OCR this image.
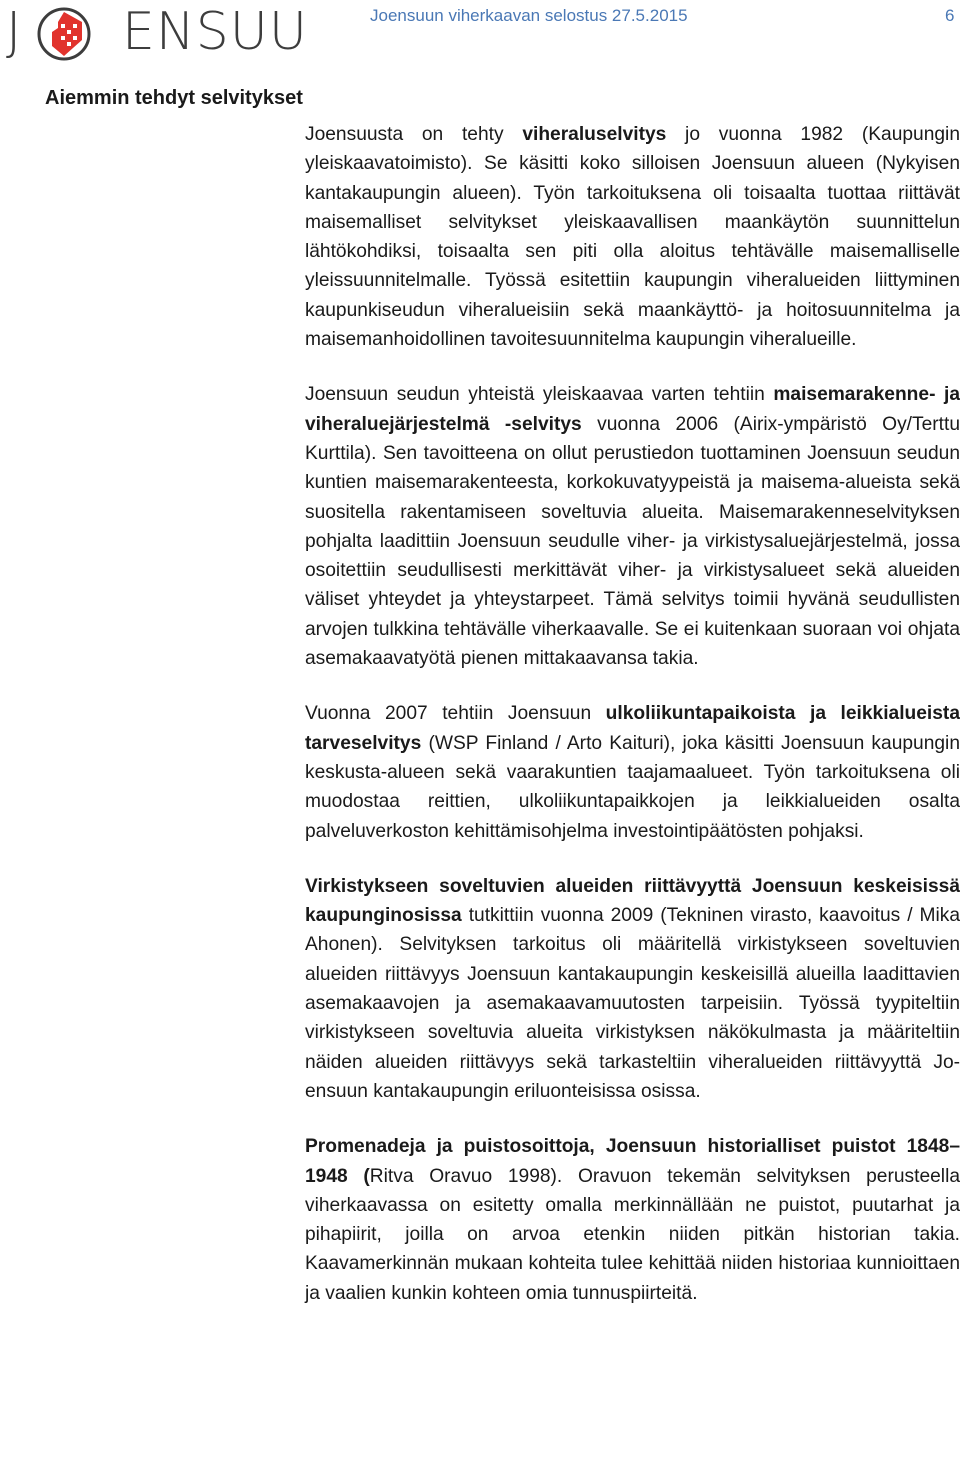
J ENSUU	Joensuun viherkaavan selostus 27.5.2015	6
Aiemmin tehdyt selvitykset

Joensuusta on tehty viheraluselvitys jo vuonna 1982 (Kaupungin yleiskaavatoimisto). Se käsitti koko silloisen Joensuun alueen (Nykyisen kantakaupungin alueen). Työn tarkoituksena oli toisaalta tuottaa riittävät maisemalliset selvitykset yleiskaavallisen maankäytön suunnittelun lähtökohdiksi, toisaalta sen piti olla aloitus tehtävälle maisemalliselle yleissuunnitelmalle. Työssä esitettiin kaupungin viheralueiden liittyminen kaupunkiseudun viheralueisiin sekä maankäyttö- ja hoitosuunnitelma ja maisemanhoidollinen tavoitesuunnitelma kaupungin viheralueille.

Joensuun seudun yhteistä yleiskaavaa varten tehtiin maisemarakenne- ja viheraluejärjestelmä -selvitys vuonna 2006 (Airix-ympäristö Oy/Terttu Kurttila). Sen tavoitteena on ollut perustiedon tuottaminen Joensuun seudun kuntien maisemarakenteesta, korkokuvatyypeistä ja maisema-alueista sekä suositella rakentamiseen soveltuvia alueita. Maisemarakenneselvityksen pohjalta laadittiin Joensuun seudulle viher- ja virkistysaluejärjestelmä, jossa osoitettiin seudullisesti merkittävät viher- ja virkistysalueet sekä alueiden väliset yhteydet ja yhteystarpeet. Tämä selvitys toimii hyvänä seudullisten arvojen tulkkina tehtävälle viherkaavalle. Se ei kuitenkaan suoraan voi ohjata asemakaavatyötä pienen mittakaavansa takia.

Vuonna 2007 tehtiin Joensuun ulkoliikuntapaikoista ja leikkialueista tarveselvitys (WSP Finland / Arto Kaituri), joka käsitti Joensuun kaupungin keskusta-alueen sekä vaarakuntien taajamaalueet. Työn tarkoituksena oli muodostaa reittien, ulkoliikuntapaikkojen ja leikkialueiden osalta palveluverkoston kehittämisohjelma investointipäätösten pohjaksi.

Virkistykseen soveltuvien alueiden riittävyyttä Joensuun keskeisissä kaupunginosissa tutkittiin vuonna 2009 (Tekninen virasto, kaavoitus / Mika Ahonen). Selvityksen tarkoitus oli määritellä virkistykseen soveltuvien alueiden riittävyys Joensuun kantakaupungin keskeisillä alueilla laadittavien asemakaavojen ja asemakaavamuutosten tarpeisiin. Työssä tyypiteltiin virkistykseen soveltuvia alueita virkistyksen näkökulmasta ja määriteltiin näiden alueiden riittävyys sekä tarkasteltiin viheralueiden riittävyyttä Joensuun kantakaupungin eriluonteisissa osissa.

Promenadeja ja puistosoittoja, Joensuun historialliset puistot 1848–1948 (Ritva Oravuo 1998). Oravuon tekemän selvityksen perusteella viherkaavassa on esitetty omalla merkinnällään ne puistot, puutarhat ja pihapiirit, joilla on arvoa etenkin niiden pitkän historian takia. Kaavamerkinnän mukaan kohteita tulee kehittää niiden historiaa kunnioittaen ja vaalien kunkin kohteen omia tunnuspiirteitä.
